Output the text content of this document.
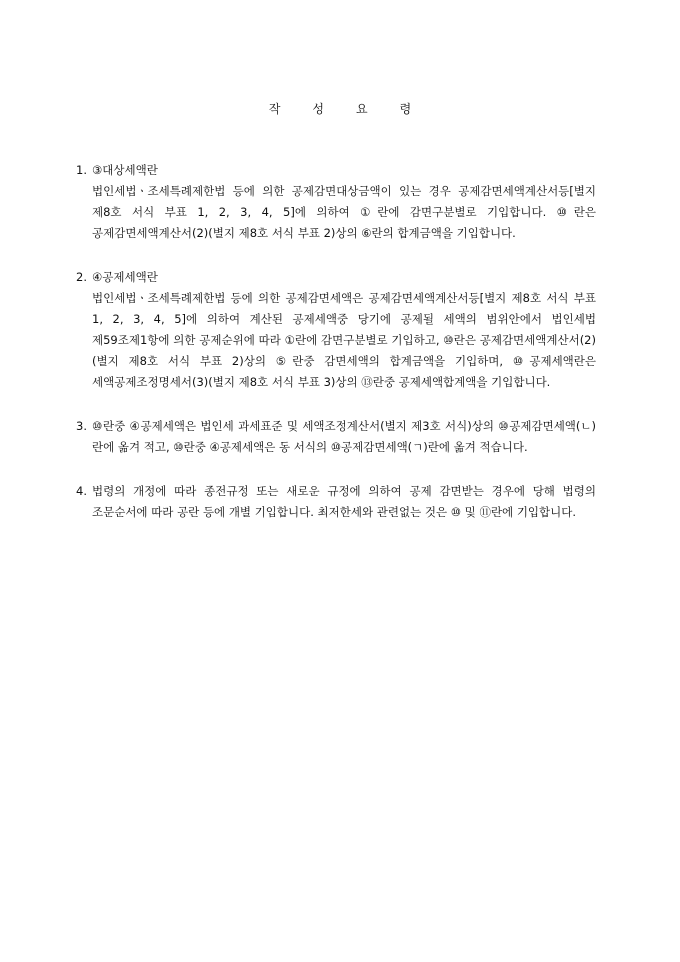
작	성	요	령
1. ③대상세액란
법인세법ㆍ조세특례제한법 등에 의한 공제감면대상금액이 있는 경우 공제감면세액계산서등[별지 제8호 서식 부표 1, 2, 3, 4, 5]에 의하여 ①란에 감면구분별로 기입합니다. ⑩란은 공제감면세액계산서(2)(별지 제8호 서식 부표 2)상의 ⑥란의 합계금액을 기입합니다.
2. ④공제세액란
법인세법ㆍ조세특례제한법 등에 의한 공제감면세액은 공제감면세액계산서등[별지 제8호 서식 부표 1, 2, 3, 4, 5]에 의하여 계산된 공제세액중 당기에 공제될 세액의 범위안에서 법인세법 제59조제1항에 의한 공제순위에 따라 ①란에 감면구분별로 기입하고, ⑩란은 공제감면세액계산서(2)(별지 제8호 서식 부표 2)상의 ⑤란중 감면세액의 합계금액을 기입하며, ⑩공제세액란은 세액공제조정명세서(3)(별지 제8호 서식 부표 3)상의 ⑬란중 공제세액합계액을 기입합니다.
3. ⑩란중 ④공제세액은 법인세 과세표준 및 세액조정계산서(별지 제3호 서식)상의 ⑩공제감면세액(ㄴ)란에 옮겨 적고, ⑩란중 ④공제세액은 동 서식의 ⑩공제감면세액(ㄱ)란에 옮겨 적습니다.
4. 법령의 개정에 따라 종전규정 또는 새로운 규정에 의하여 공제 감면받는 경우에 당해 법령의 조문순서에 따라 공란 등에 개별 기입합니다. 최저한세와 관련없는 것은 ⑩ 및 ⑪란에 기입합니다.
